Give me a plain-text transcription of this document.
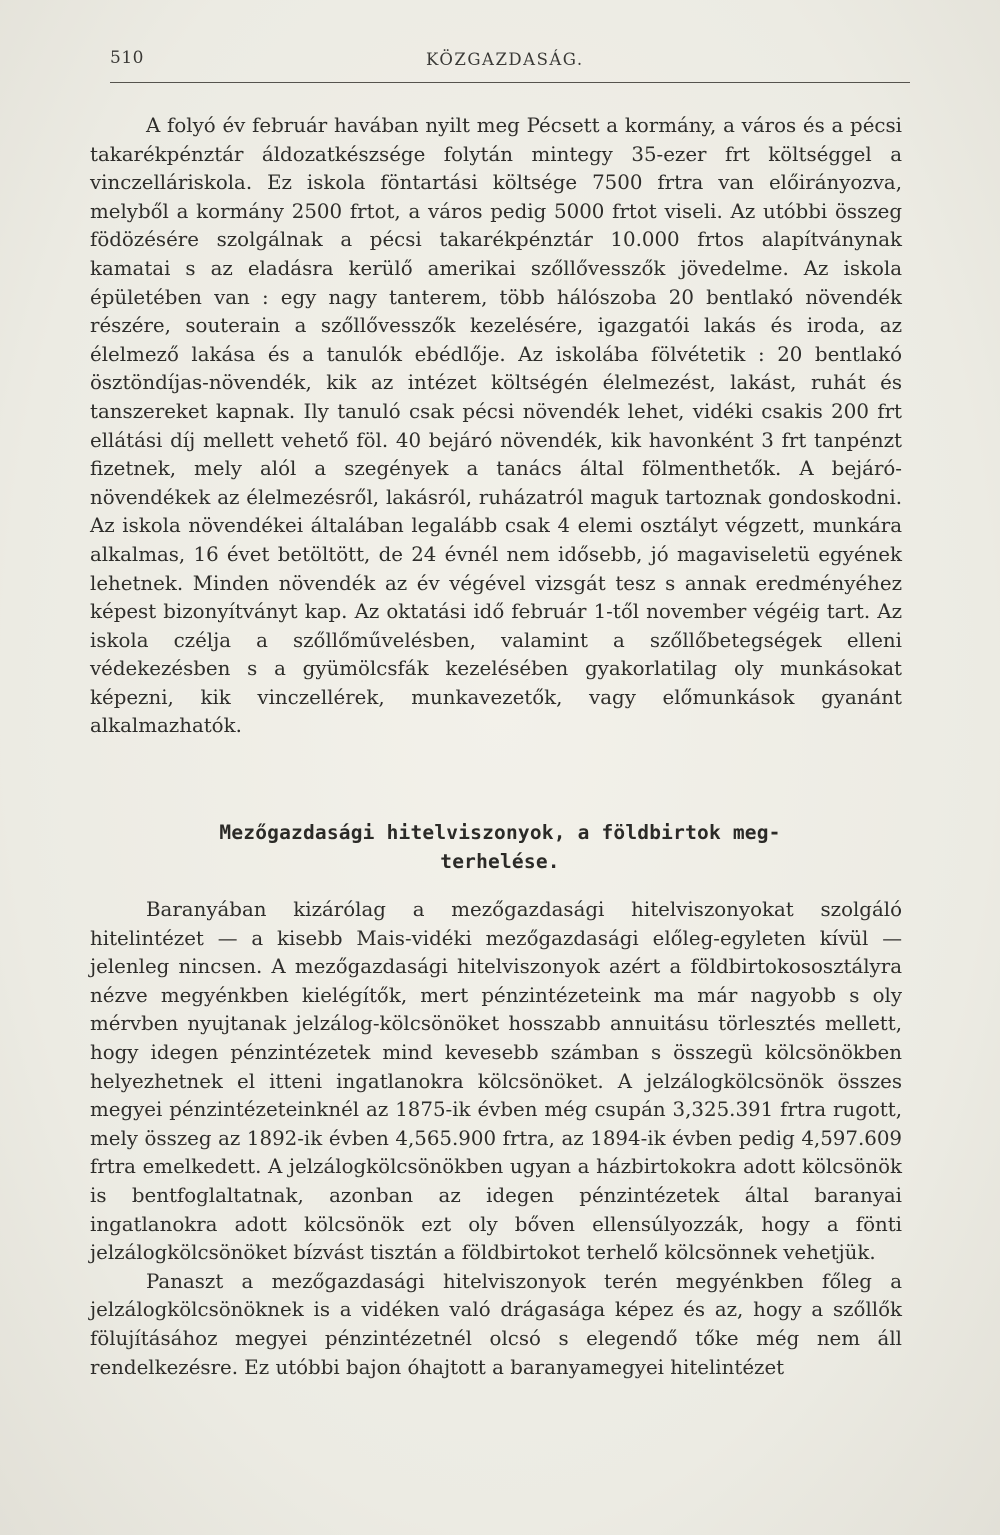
510	KÖZGAZDASÁG.

A folyó év február havában nyilt meg Pécsett a kormány, a város és a pécsi takarékpénztár áldozatkészsége folytán mintegy 35-ezer frt költséggel a vinczelláriskola. Ez iskola föntartási költsége 7500 frtra van előirányozva, melyből a kormány 2500 frtot, a város pedig 5000 frtot viseli. Az utóbbi összeg födözésére szolgálnak a pécsi takarékpénztár 10.000 frtos alapítványnak kamatai s az eladásra kerülő amerikai szőllővesszők jövedelme. Az iskola épületében van : egy nagy tanterem, több hálószoba 20 bentlakó növendék részére, souterain a szőllővesszők kezelésére, igazgatói lakás és iroda, az élelmező lakása és a tanulók ebédlője. Az iskolába fölvétetik : 20 bentlakó ösztöndíjas-növendék, kik az intézet költségén élelmezést, lakást, ruhát és tanszereket kapnak. Ily tanuló csak pécsi növendék lehet, vidéki csakis 200 frt ellátási díj mellett vehető föl. 40 bejáró növendék, kik havonként 3 frt tanpénzt fizetnek, mely alól a szegények a tanács által fölmenthetők. A bejáró-növendékek az élelmezésről, lakásról, ruházatról maguk tartoznak gondoskodni. Az iskola növendékei általában legalább csak 4 elemi osztályt végzett, munkára alkalmas, 16 évet betöltött, de 24 évnél nem idősebb, jó magaviseletü egyének lehetnek. Minden növendék az év végével vizsgát tesz s annak eredményéhez képest bizonyítványt kap. Az oktatási idő február 1-től november végéig tart. Az iskola czélja a szőllőművelésben, valamint a szőllőbetegségek elleni védekezésben s a gyümölcsfák kezelésében gyakorlatilag oly munkásokat képezni, kik vinczellérek, munkavezetők, vagy előmunkások gyanánt alkalmazhatók.

Mezőgazdasági hitelviszonyok, a földbirtok meg-
terhelése.

Baranyában kizárólag a mezőgazdasági hitelviszonyokat szolgáló hitelintézet — a kisebb Mais-vidéki mezőgazdasági előleg-egyleten kívül — jelenleg nincsen. A mezőgazdasági hitelviszonyok azért a földbirtokososztályra nézve megyénkben kielégítők, mert pénzintézeteink ma már nagyobb s oly mérvben nyujtanak jelzálog-kölcsönöket hosszabb annuitásu törlesztés mellett, hogy idegen pénzintézetek mind kevesebb számban s összegü kölcsönökben helyezhetnek el itteni ingatlanokra kölcsönöket. A jelzálogkölcsönök összes megyei pénzintézeteinknél az 1875-ik évben még csupán 3,325.391 frtra rugott, mely összeg az 1892-ik évben 4,565.900 frtra, az 1894-ik évben pedig 4,597.609 frtra emelkedett. A jelzálogkölcsönökben ugyan a házbirtokokra adott kölcsönök is bentfoglaltatnak, azonban az idegen pénzintézetek által baranyai ingatlanokra adott kölcsönök ezt oly bőven ellensúlyozzák, hogy a fönti jelzálogkölcsönöket bízvást tisztán a földbirtokot terhelő kölcsönnek vehetjük.

Panaszt a mezőgazdasági hitelviszonyok terén megyénkben főleg a jelzálogkölcsönöknek is a vidéken való drágasága képez és az, hogy a szőllők fölujításához megyei pénzintézetnél olcsó s elegendő tőke még nem áll rendelkezésre. Ez utóbbi bajon óhajtott a baranyamegyei hitelintézet
